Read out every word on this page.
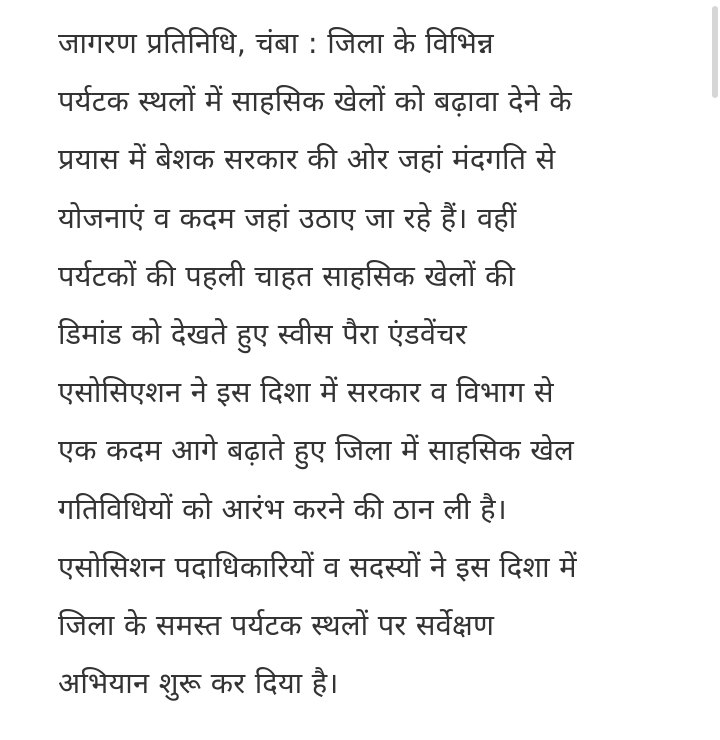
जागरण प्रतिनिधि, चंबा : जिला के विभिन्न
पर्यटक स्थलों में साहसिक खेलों को बढ़ावा देने के
प्रयास में बेशक सरकार की ओर जहां मंदगति से
योजनाएं व कदम जहां उठाए जा रहे हैं। वहीं
पर्यटकों की पहली चाहत साहसिक खेलों की
डिमांड को देखते हुए स्वीस पैरा एंडवेंचर
एसोसिएशन ने इस दिशा में सरकार व विभाग से
एक कदम आगे बढ़ाते हुए जिला में साहसिक खेल
गतिविधियों को आरंभ करने की ठान ली है।
एसोसिशन पदाधिकारियों व सदस्यों ने इस दिशा में
जिला के समस्त पर्यटक स्थलों पर सर्वेक्षण
अभियान शुरू कर दिया है।
